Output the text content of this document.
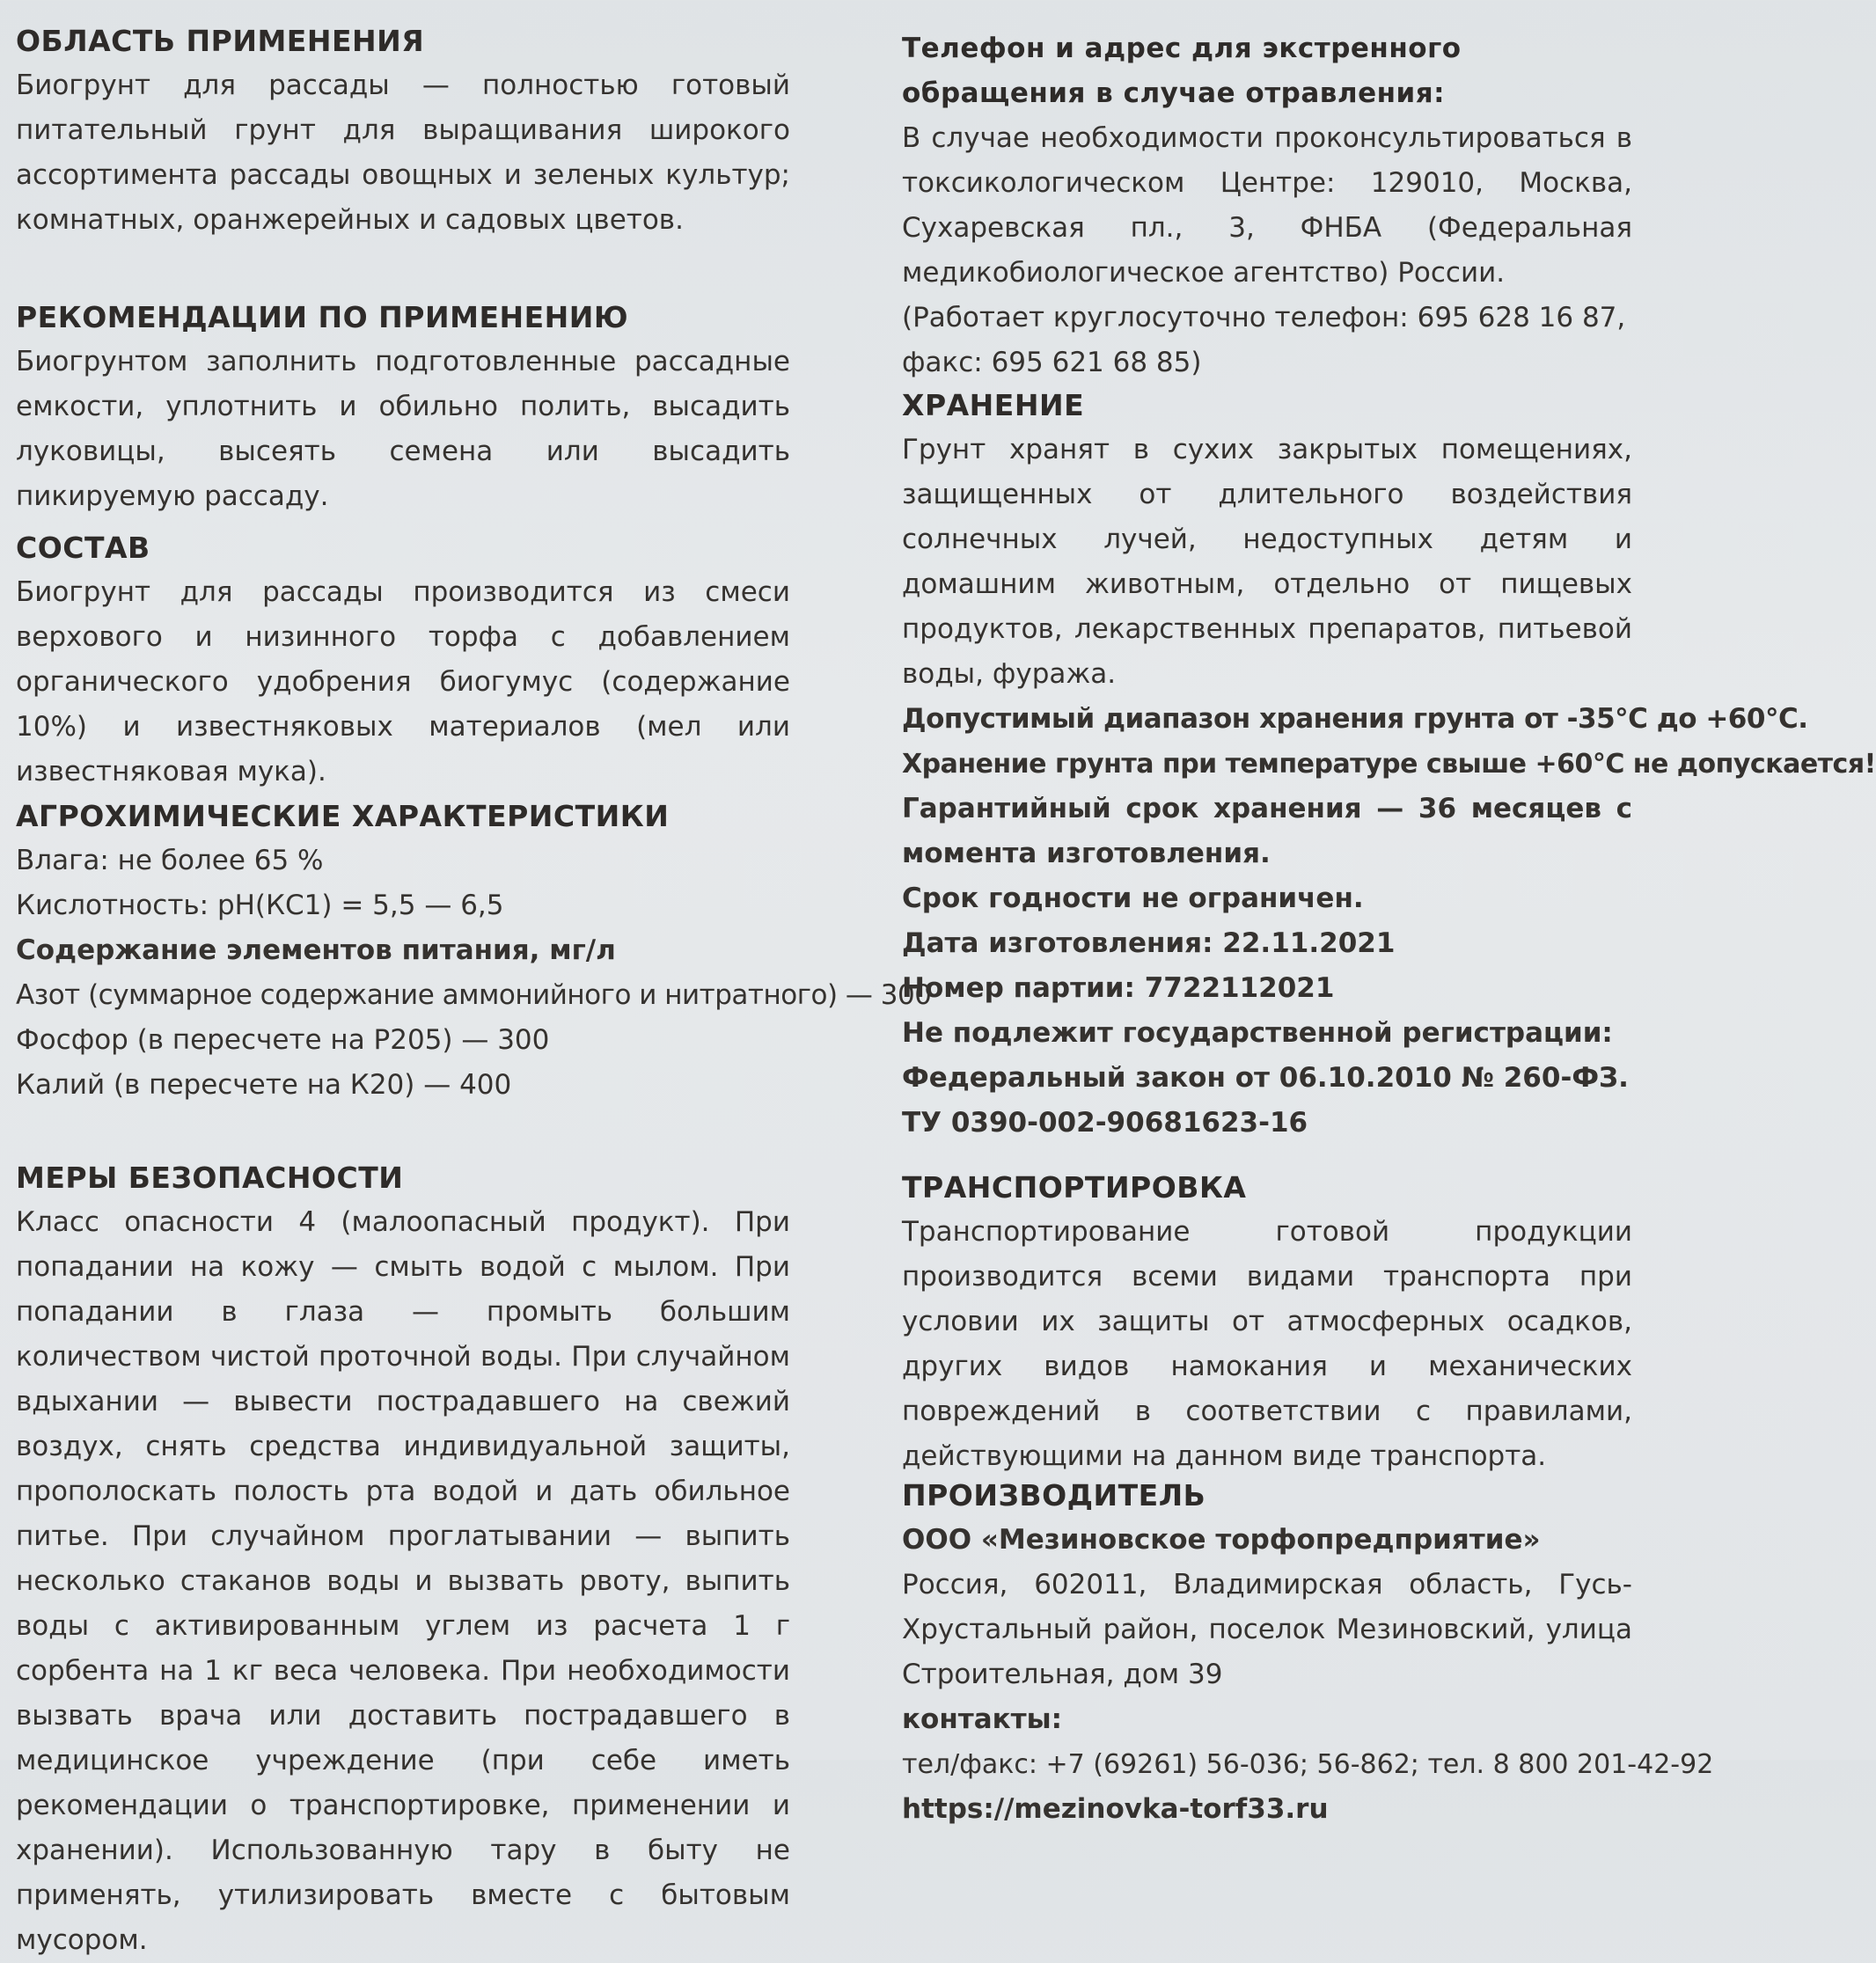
ОБЛАСТЬ ПРИМЕНЕНИЯ

Биогрунт для рассады — полностью готовый питательный грунт для выращивания широкого ассортимента рассады овощных и зеленых культур; комнатных, оранжерейных и садовых цветов.

РЕКОМЕНДАЦИИ ПО ПРИМЕНЕНИЮ

Биогрунтом заполнить подготовленные рассадные емкости, уплотнить и обильно полить, высадить луковицы, высеять семена или высадить пикируемую рассаду.

СОСТАВ

Биогрунт для рассады производится из смеси верхового и низинного торфа с добавлением органического удобрения биогумус (содержание 10%) и известняковых материалов (мел или известняковая мука).

АГРОХИМИЧЕСКИЕ ХАРАКТЕРИСТИКИ
Влага: не более 65 %
Кислотность: рН(КС1) = 5,5 — 6,5
Содержание элементов питания, мг/л
Азот (суммарное содержание аммонийного и нитратного) — 300
Фосфор (в пересчете на Р205) — 300
Калий (в пересчете на К20) — 400
МЕРЫ БЕЗОПАСНОСТИ

Класс опасности 4 (малоопасный продукт). При попадании на кожу — смыть водой с мылом. При попадании в глаза — промыть большим количеством чистой проточной воды. При случайном вдыхании — вывести пострадавшего на свежий воздух, снять средства индивидуальной защиты, прополоскать полость рта водой и дать обильное питье. При случайном проглатывании — выпить несколько стаканов воды и вызвать рвоту, выпить воды с активированным углем из расчета 1 г сорбента на 1 кг веса человека. При необходимости вызвать врача или доставить пострадавшего в медицинское учреждение (при себе иметь рекомендации о транспортировке, применении и хранении). Использованную тару в быту не применять, утилизировать вместе с бытовым мусором.

Телефон и адрес для экстренного обращения в случае отравления:

В случае необходимости проконсультироваться в токсикологическом Центре: 129010, Москва, Сухаревская пл., 3, ФНБА (Федеральная медикобиологическое агентство) России.

(Работает круглосуточно телефон: 695 628 16 87,
факс: 695 621 68 85)
ХРАНЕНИЕ

Грунт хранят в сухих закрытых помещениях, защищенных от длительного воздействия солнечных лучей, недоступных детям и домашним животным, отдельно от пищевых продуктов, лекарственных препаратов, питьевой воды, фуража.

Допустимый диапазон хранения грунта от -35°С до +60°С.
Хранение грунта при температуре свыше +60°С не допускается!

Гарантийный срок хранения — 36 месяцев с момента изготовления.

Срок годности не ограничен.
Дата изготовления: 22.11.2021
Номер партии: 7722112021
Не подлежит государственной регистрации:
Федеральный закон от 06.10.2010 № 260-ФЗ.
ТУ 0390-002-90681623-16
ТРАНСПОРТИРОВКА

Транспортирование готовой продукции производится всеми видами транспорта при условии их защиты от атмосферных осадков, других видов намокания и механических повреждений в соответствии с правилами, действующими на данном виде транспорта.

ПРОИЗВОДИТЕЛЬ
ООО «Мезиновское торфопредприятие»

Россия, 602011, Владимирская область, Гусь-Хрустальный район, поселок Мезиновский, улица Строительная, дом 39

контакты:
тел/факс: +7 (69261) 56-036; 56-862; тел. 8 800 201-42-92
https://mezinovka-torf33.ru
